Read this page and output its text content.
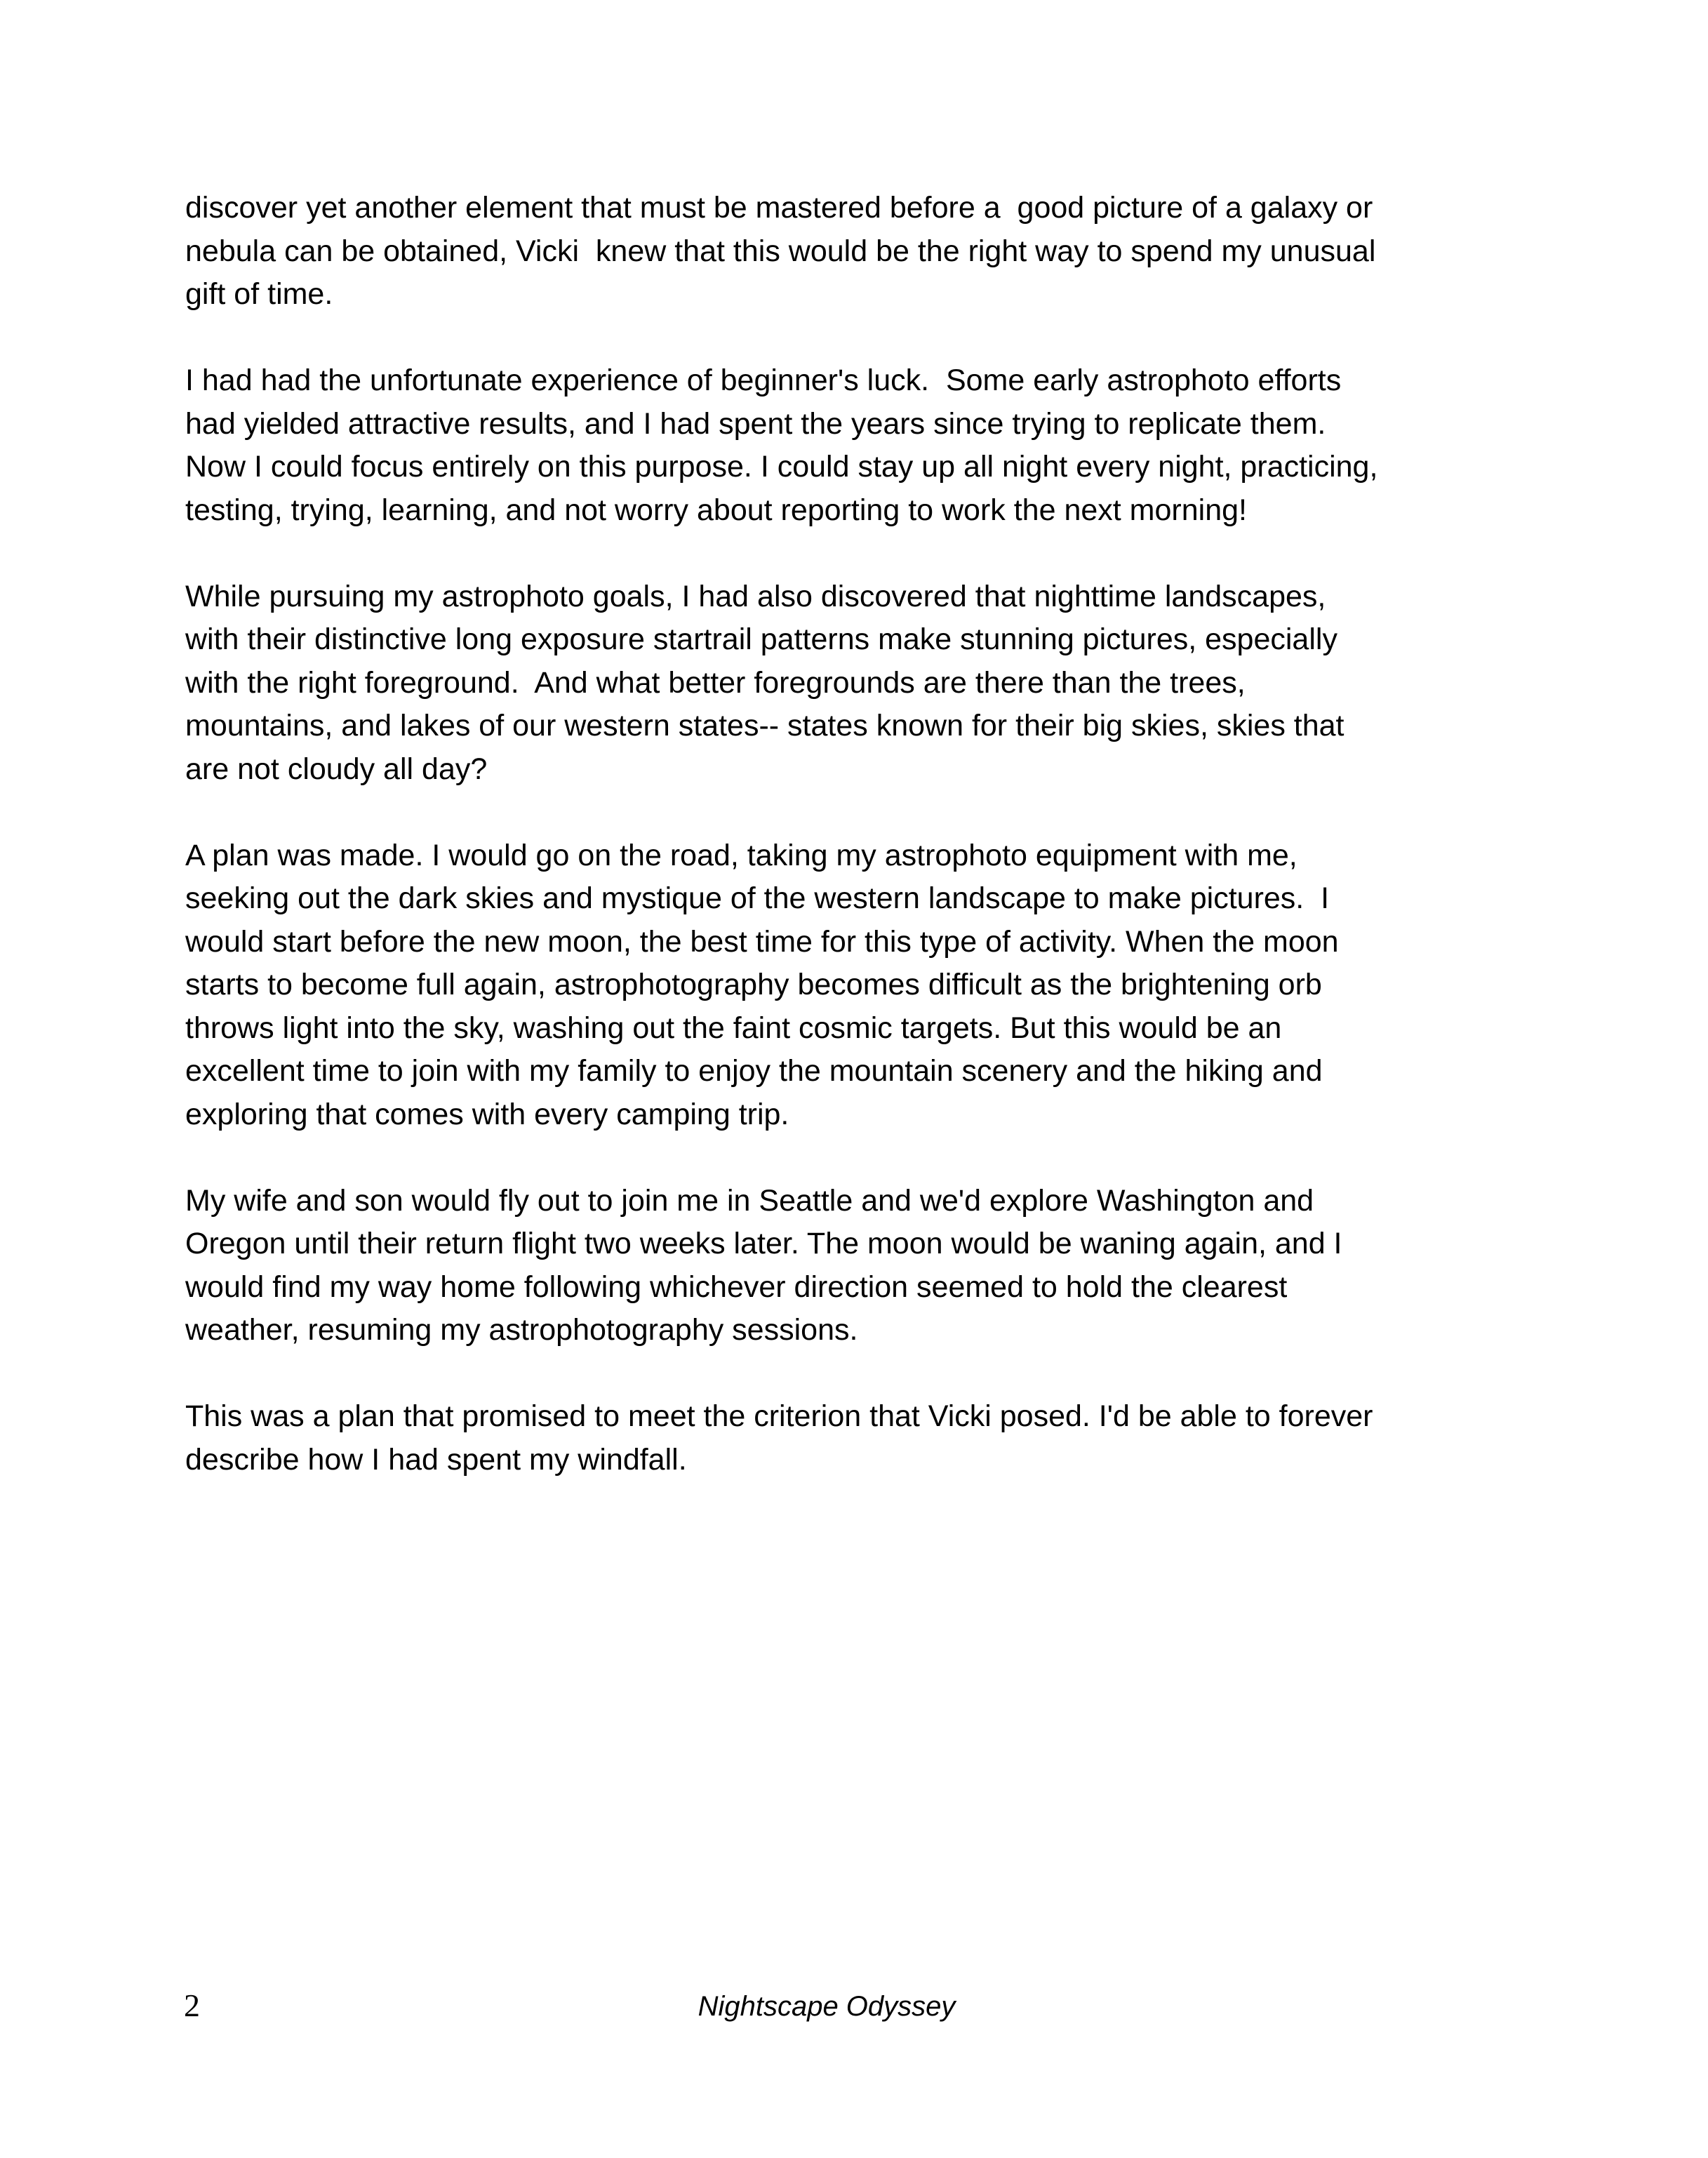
discover yet another element that must be mastered before a  good picture of a galaxy or
nebula can be obtained, Vicki  knew that this would be the right way to spend my unusual
gift of time.
I had had the unfortunate experience of beginner's luck.  Some early astrophoto efforts
had yielded attractive results, and I had spent the years since trying to replicate them.
Now I could focus entirely on this purpose. I could stay up all night every night, practicing,
testing, trying, learning, and not worry about reporting to work the next morning!
While pursuing my astrophoto goals, I had also discovered that nighttime landscapes,
with their distinctive long exposure startrail patterns make stunning pictures, especially
with the right foreground.  And what better foregrounds are there than the trees,
mountains, and lakes of our western states-- states known for their big skies, skies that
are not cloudy all day?
A plan was made. I would go on the road, taking my astrophoto equipment with me,
seeking out the dark skies and mystique of the western landscape to make pictures.  I
would start before the new moon, the best time for this type of activity. When the moon
starts to become full again, astrophotography becomes difficult as the brightening orb
throws light into the sky, washing out the faint cosmic targets. But this would be an
excellent time to join with my family to enjoy the mountain scenery and the hiking and
exploring that comes with every camping trip.
My wife and son would fly out to join me in Seattle and we'd explore Washington and
Oregon until their return flight two weeks later. The moon would be waning again, and I
would find my way home following whichever direction seemed to hold the clearest
weather, resuming my astrophotography sessions.
This was a plan that promised to meet the criterion that Vicki posed. I'd be able to forever
describe how I had spent my windfall.
2	Nightscape Odyssey
